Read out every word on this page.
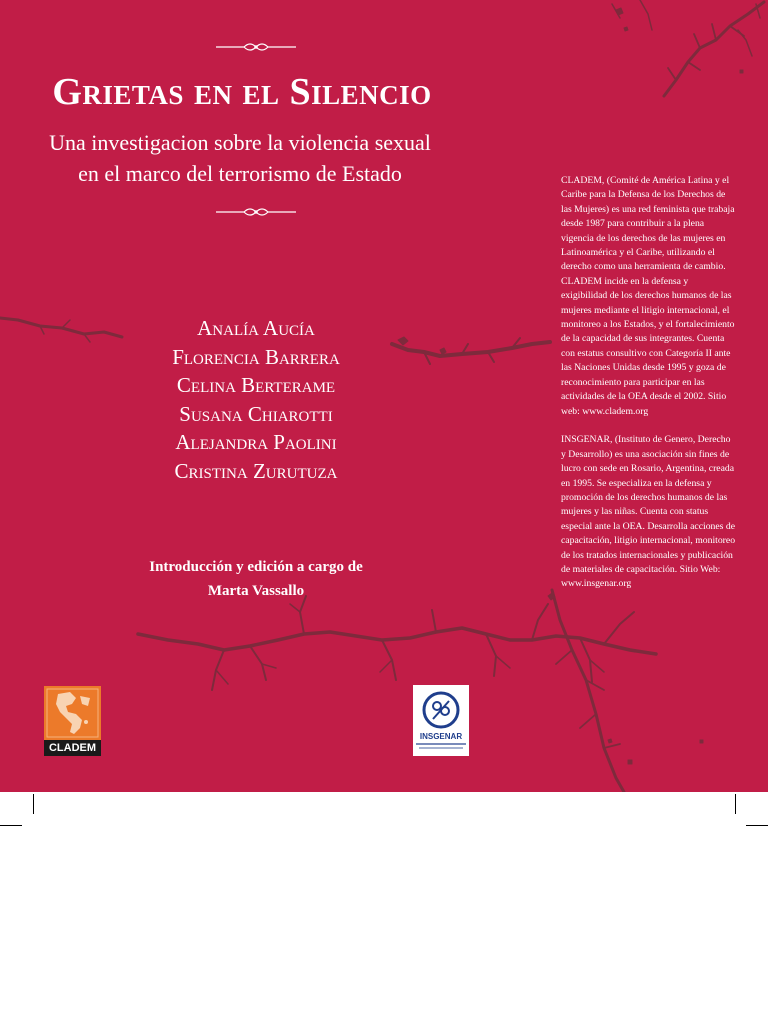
Grietas en el Silencio
Una investigacion sobre la violencia sexual
en el marco del terrorismo de Estado
Analía Aucía
Florencia Barrera
Celina Berterame
Susana Chiarotti
Alejandra Paolini
Cristina Zurutuza
Introducción y edición a cargo de
Marta Vassallo

CLADEM, (Comité de América Latina y el Caribe para la Defensa de los Derechos de las Mujeres) es una red feminista que trabaja desde 1987 para contribuir a la plena vigencia de los derechos de las mujeres en Latinoamérica y el Caribe, utilizando el derecho como una herramienta de cambio. CLADEM incide en la defensa y exigibilidad de los derechos humanos de las mujeres mediante el litigio internacional, el monitoreo a los Estados, y el fortalecimiento de la capacidad de sus integrantes. Cuenta con estatus consultivo con Categoría II ante las Naciones Unidas desde 1995 y goza de reconocimiento para participar en las actividades de la OEA desde el 2002. Sitio web: www.cladem.org

INSGENAR, (Instituto de Genero, Derecho y Desarrollo) es una asociación sin fines de lucro con sede en Rosario, Argentina, creada en 1995. Se especializa en la defensa y promoción de los derechos humanos de las mujeres y las niñas. Cuenta con status especial ante la OEA. Desarrolla acciones de capacitación, litigio internacional, monitoreo de los tratados internacionales y publicación de materiales de capacitación. Sitio Web: www.insgenar.org

CLADEM
INSGENAR
